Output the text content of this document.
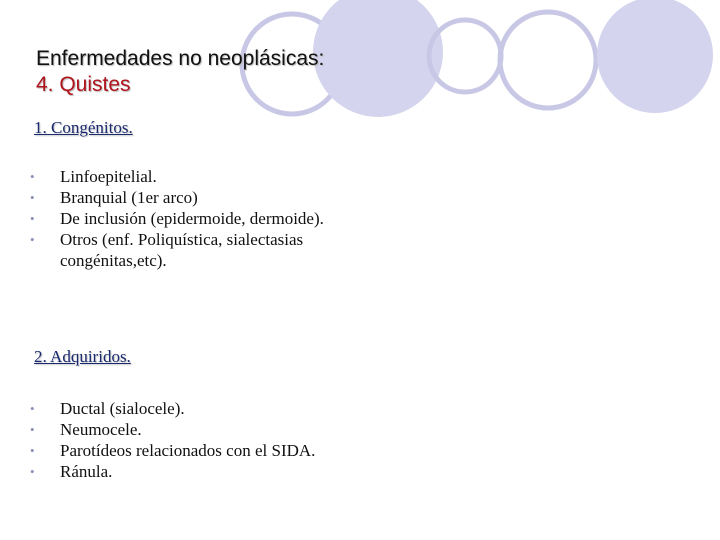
Enfermedades no neoplásicas:
4. Quistes
1. Congénitos.
• Linfoepitelial.
• Branquial (1er arco)
• De inclusión (epidermoide, dermoide).
• Otros (enf. Poliquística, sialectasias congénitas,etc).
2. Adquiridos.
• Ductal (sialocele).
• Neumocele.
• Parotídeos relacionados con el SIDA.
• Ránula.
